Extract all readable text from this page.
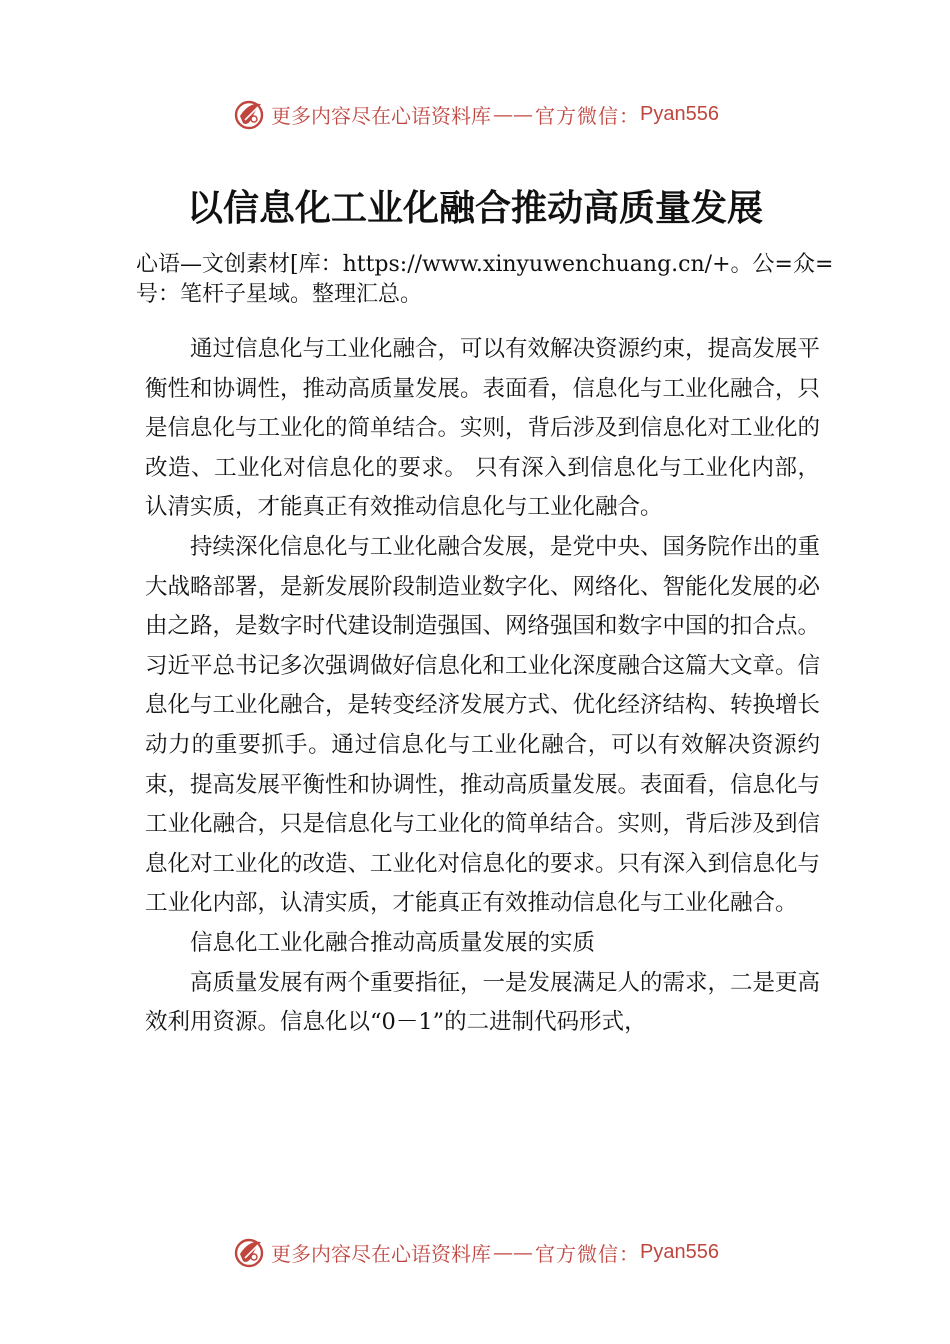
更多内容尽在心语资料库 —— 官方微信： Pyan556
以信息化工业化融合推动高质量发展

心语—文创素材[库：https://www.xinyuwenchuang.cn/+。公=众=号：笔杆子星域。整理汇总。

通过信息化与工业化融合，可以有效解决资源约束，提高发展平衡性和协调性，推动高质量发展。表面看，信息化与工业化融合，只是信息化与工业化的简单结合。实则，背后涉及到信息化对工业化的改造、工业化对信息化的要求。 只有深入到信息化与工业化内部，认清实质，才能真正有效推动信息化与工业化融合。

持续深化信息化与工业化融合发展，是党中央、国务院作出的重大战略部署，是新发展阶段制造业数字化、网络化、智能化发展的必由之路，是数字时代建设制造强国、网络强国和数字中国的扣合点。习近平总书记多次强调做好信息化和工业化深度融合这篇大文章。信息化与工业化融合，是转变经济发展方式、优化经济结构、转换增长动力的重要抓手。通过信息化与工业化融合，可以有效解决资源约束，提高发展平衡性和协调性，推动高质量发展。表面看，信息化与工业化融合，只是信息化与工业化的简单结合。实则，背后涉及到信息化对工业化的改造、工业化对信息化的要求。只有深入到信息化与工业化内部，认清实质，才能真正有效推动信息化与工业化融合。

信息化工业化融合推动高质量发展的实质

高质量发展有两个重要指征，一是发展满足人的需求，二是更高效利用资源。信息化以“0－1”的二进制代码形式，

更多内容尽在心语资料库 —— 官方微信： Pyan556
